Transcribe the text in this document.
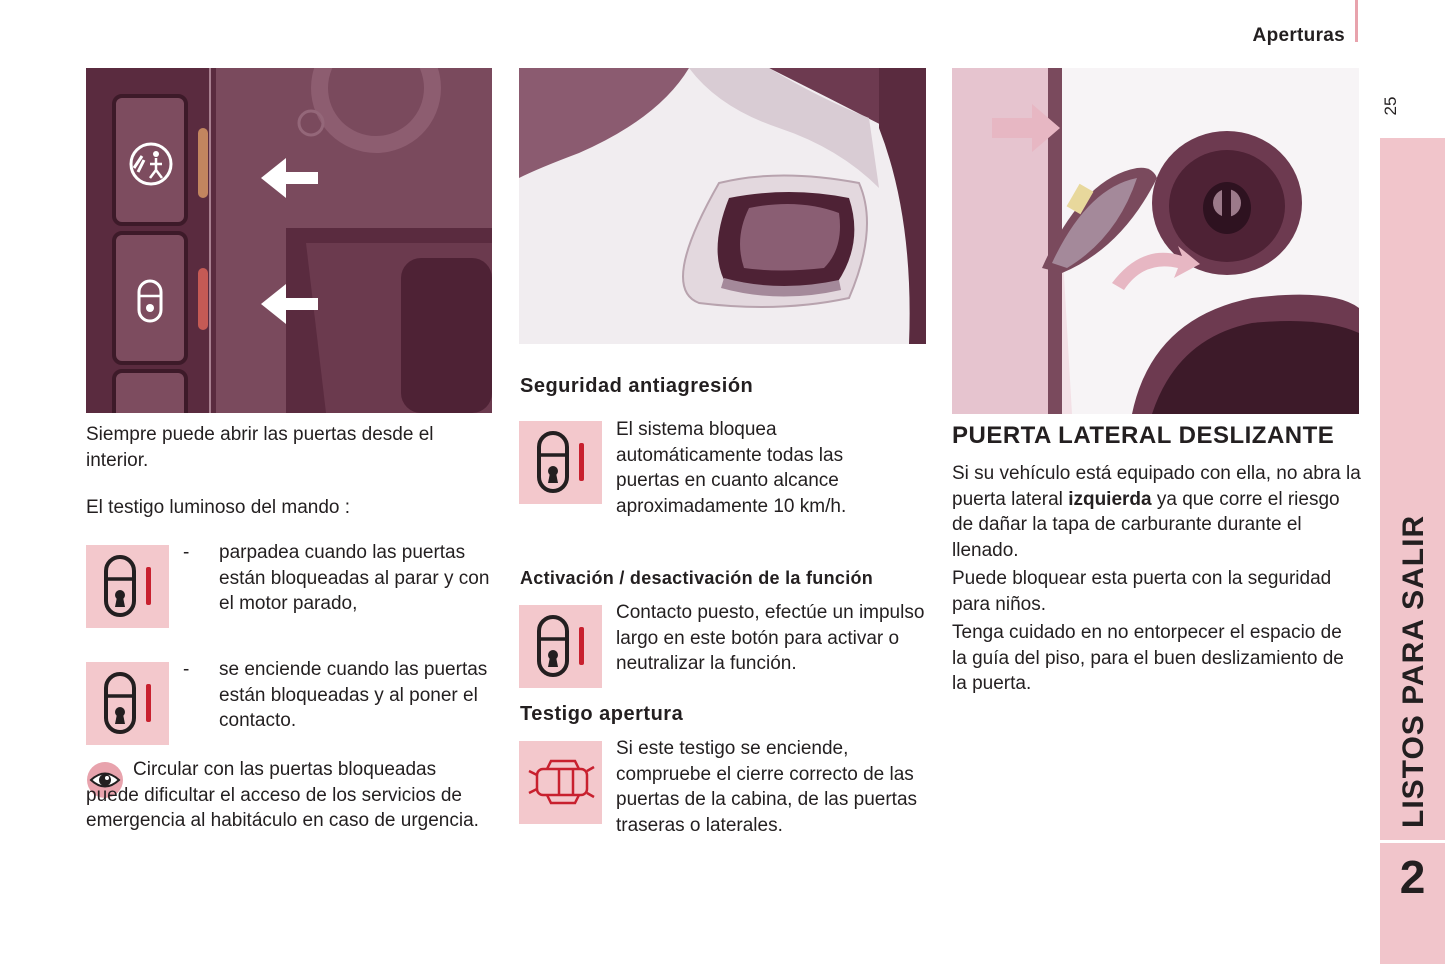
Aperturas
25
LISTOS PARA SALIR
2
Siempre puede abrir las puertas desde el interior.
El testigo luminoso del mando :
- parpadea cuando las puertas están bloqueadas al parar y con el motor parado,
- se enciende cuando las puertas están bloqueadas y al poner el contacto.
Circular con las puertas bloqueadas puede dificultar el acceso de los servicios de emergencia al habitáculo en caso de urgencia.
Seguridad antiagresión
El sistema bloquea automáticamente todas las puertas en cuanto alcance aproximadamente 10 km/h.
Activación / desactivación de la función
Contacto puesto, efectúe un impulso largo en este botón para activar o neutralizar la función.
Testigo apertura
Si este testigo se enciende, compruebe el cierre correcto de las puertas de la cabina, de las puertas traseras o laterales.
PUERTA LATERAL DESLIZANTE
Si su vehículo está equipado con ella, no abra la puerta lateral izquierda ya que corre el riesgo de dañar la tapa de carburante durante el llenado.
Puede bloquear esta puerta con la seguridad para niños.
Tenga cuidado en no entorpecer el espacio de la guía del piso, para el buen deslizamiento de la puerta.
